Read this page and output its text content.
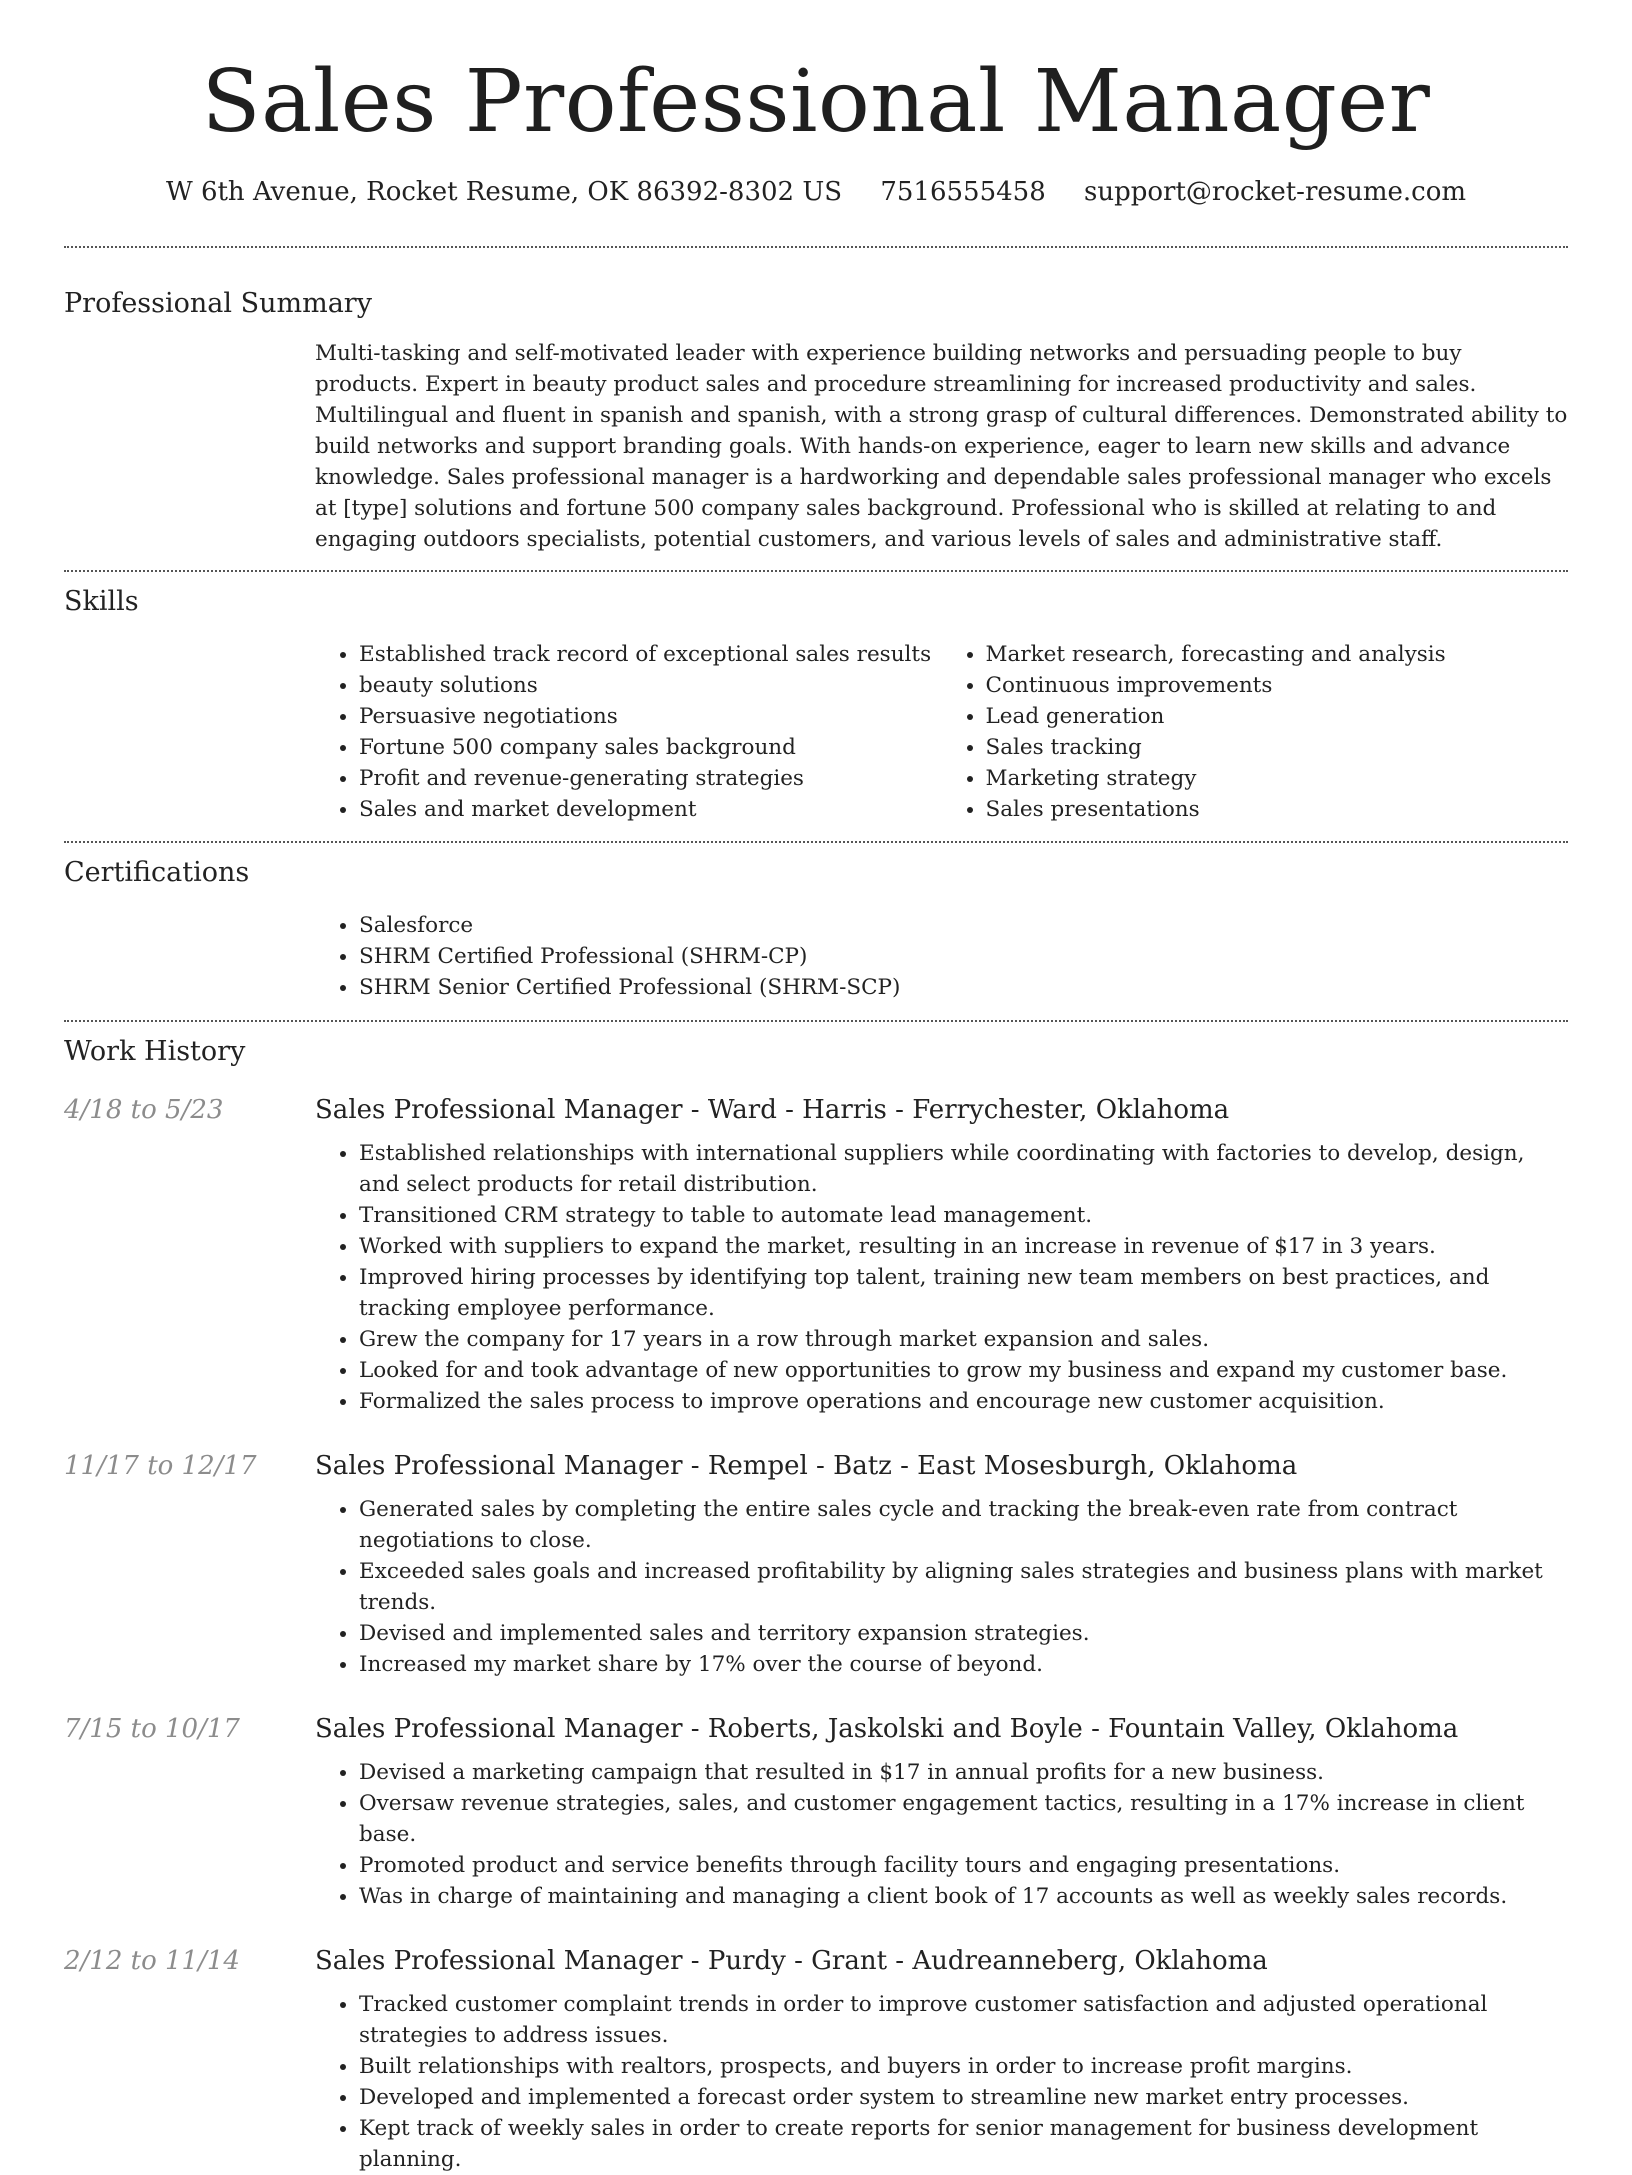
Sales Professional Manager
W 6th Avenue, Rocket Resume, OK 86392-8302 US 7516555458 support@rocket-resume.com
Professional Summary

Multi-tasking and self-motivated leader with experience building networks and persuading people to buy products. Expert in beauty product sales and procedure streamlining for increased productivity and sales. Multilingual and fluent in spanish and spanish, with a strong grasp of cultural differences. Demonstrated ability to build networks and support branding goals. With hands-on experience, eager to learn new skills and advance knowledge. Sales professional manager is a hardworking and dependable sales professional manager who excels at [type] solutions and fortune 500 company sales background. Professional who is skilled at relating to and engaging outdoors specialists, potential customers, and various levels of sales and administrative staff.

Skills
• Established track record of exceptional sales results
• beauty solutions
• Persuasive negotiations
• Fortune 500 company sales background
• Profit and revenue-generating strategies
• Sales and market development
• Market research, forecasting and analysis
• Continuous improvements
• Lead generation
• Sales tracking
• Marketing strategy
• Sales presentations
Certifications
• Salesforce
• SHRM Certified Professional (SHRM-CP)
• SHRM Senior Certified Professional (SHRM-SCP)
Work History
4/18 to 5/23	Sales Professional Manager - Ward - Harris - Ferrychester, Oklahoma
• Established relationships with international suppliers while coordinating with factories to develop, design, and select products for retail distribution.
• Transitioned CRM strategy to table to automate lead management.
• Worked with suppliers to expand the market, resulting in an increase in revenue of $17 in 3 years.
• Improved hiring processes by identifying top talent, training new team members on best practices, and tracking employee performance.
• Grew the company for 17 years in a row through market expansion and sales.
• Looked for and took advantage of new opportunities to grow my business and expand my customer base.
• Formalized the sales process to improve operations and encourage new customer acquisition.
11/17 to 12/17 Sales Professional Manager - Rempel - Batz - East Mosesburgh, Oklahoma
• Generated sales by completing the entire sales cycle and tracking the break-even rate from contract negotiations to close.
• Exceeded sales goals and increased profitability by aligning sales strategies and business plans with market trends.
• Devised and implemented sales and territory expansion strategies.
• Increased my market share by 17% over the course of beyond.
7/15 to 10/17	Sales Professional Manager - Roberts, Jaskolski and Boyle - Fountain Valley, Oklahoma
• Devised a marketing campaign that resulted in $17 in annual profits for a new business.
• Oversaw revenue strategies, sales, and customer engagement tactics, resulting in a 17% increase in client base.
• Promoted product and service benefits through facility tours and engaging presentations.
• Was in charge of maintaining and managing a client book of 17 accounts as well as weekly sales records.
2/12 to 11/14	Sales Professional Manager - Purdy - Grant - Audreanneberg, Oklahoma
• Tracked customer complaint trends in order to improve customer satisfaction and adjusted operational strategies to address issues.
• Built relationships with realtors, prospects, and buyers in order to increase profit margins.
• Developed and implemented a forecast order system to streamline new market entry processes.
• Kept track of weekly sales in order to create reports for senior management for business development planning.
